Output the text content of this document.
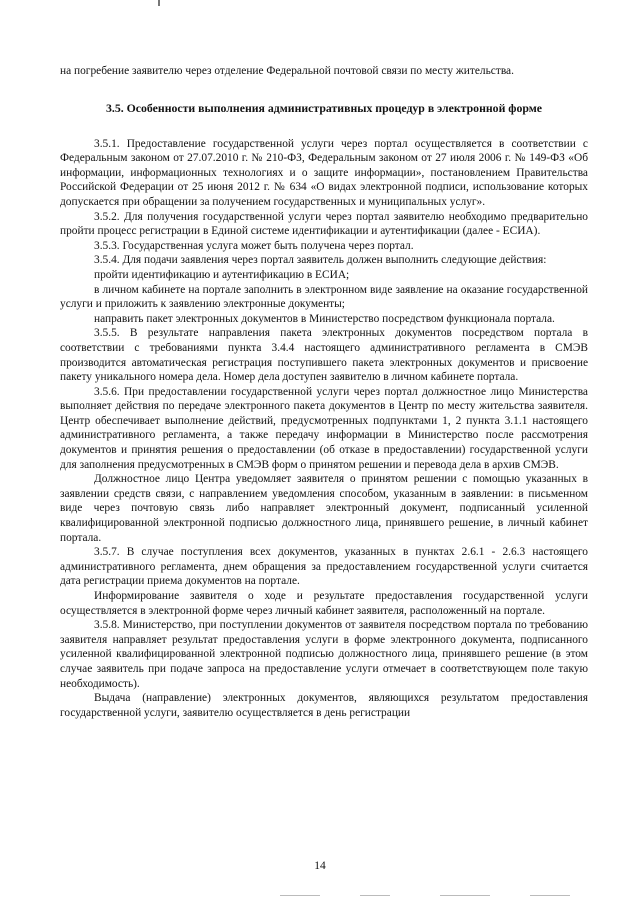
на погребение заявителю через отделение Федеральной почтовой связи по месту жительства.

3.5. Особенности выполнения административных процедур в электронной форме

3.5.1. Предоставление государственной услуги через портал осуществляется в соответствии с Федеральным законом от 27.07.2010 г. № 210-ФЗ, Федеральным законом от 27 июля 2006 г. № 149-ФЗ «Об информации, информационных технологиях и о защите информации», постановлением Правительства Российской Федерации от 25 июня 2012 г. № 634 «О видах электронной подписи, использование которых допускается при обращении за получением государственных и муниципальных услуг».

3.5.2. Для получения государственной услуги через портал заявителю необходимо предварительно пройти процесс регистрации в Единой системе идентификации и аутентификации (далее - ЕСИА).

3.5.3. Государственная услуга может быть получена через портал.

3.5.4. Для подачи заявления через портал заявитель должен выполнить следующие действия:

пройти идентификацию и аутентификацию в ЕСИА;

в личном кабинете на портале заполнить в электронном виде заявление на оказание государственной услуги и приложить к заявлению электронные документы;

направить пакет электронных документов в Министерство посредством функционала портала.

3.5.5. В результате направления пакета электронных документов посредством портала в соответствии с требованиями пункта 3.4.4 настоящего административного регламента в СМЭВ производится автоматическая регистрация поступившего пакета электронных документов и присвоение пакету уникального номера дела. Номер дела доступен заявителю в личном кабинете портала.

3.5.6. При предоставлении государственной услуги через портал должностное лицо Министерства выполняет действия по передаче электронного пакета документов в Центр по месту жительства заявителя. Центр обеспечивает выполнение действий, предусмотренных подпунктами 1, 2 пункта 3.1.1 настоящего административного регламента, а также передачу информации в Министерство после рассмотрения документов и принятия решения о предоставлении (об отказе в предоставлении) государственной услуги для заполнения предусмотренных в СМЭВ форм о принятом решении и перевода дела в архив СМЭВ.

Должностное лицо Центра уведомляет заявителя о принятом решении с помощью указанных в заявлении средств связи, с направлением уведомления способом, указанным в заявлении: в письменном виде через почтовую связь либо направляет электронный документ, подписанный усиленной квалифицированной электронной подписью должностного лица, принявшего решение, в личный кабинет портала.

3.5.7. В случае поступления всех документов, указанных в пунктах 2.6.1 - 2.6.3 настоящего административного регламента, днем обращения за предоставлением государственной услуги считается дата регистрации приема документов на портале.

Информирование заявителя о ходе и результате предоставления государственной услуги осуществляется в электронной форме через личный кабинет заявителя, расположенный на портале.

3.5.8. Министерство, при поступлении документов от заявителя посредством портала по требованию заявителя направляет результат предоставления услуги в форме электронного документа, подписанного усиленной квалифицированной электронной подписью должностного лица, принявшего решение (в этом случае заявитель при подаче запроса на предоставление услуги отмечает в соответствующем поле такую необходимость).

Выдача (направление) электронных документов, являющихся результатом предоставления государственной услуги, заявителю осуществляется в день регистрации

14
